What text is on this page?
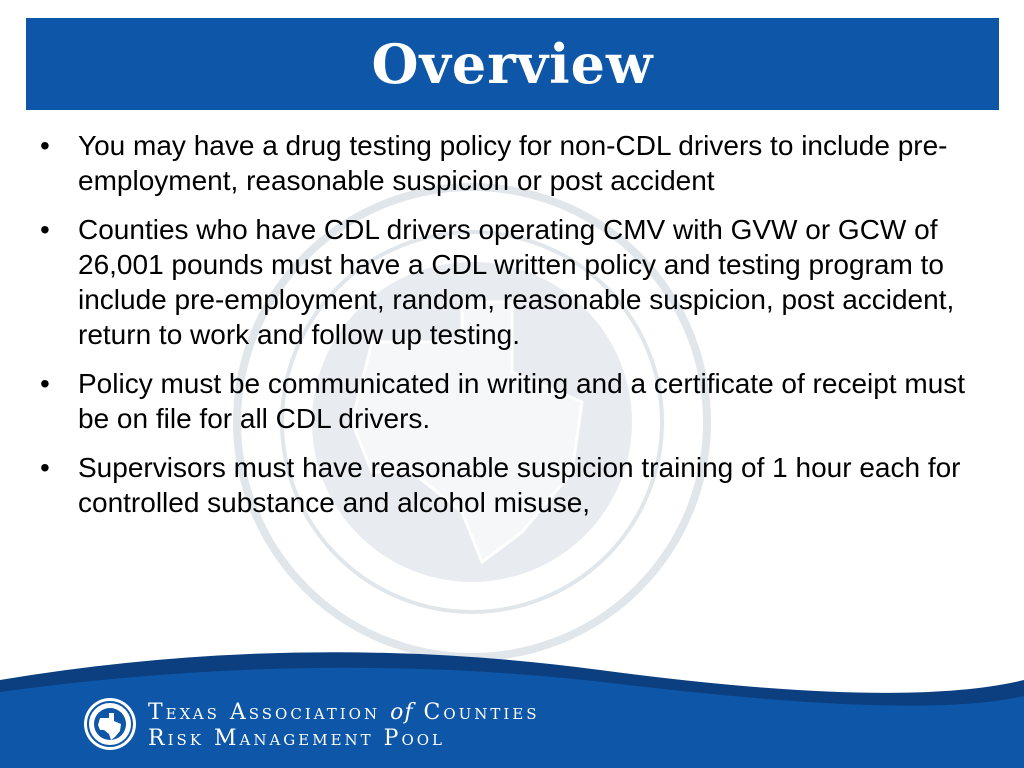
Overview
• You may have a drug testing policy for non-CDL drivers to include pre-employment, reasonable suspicion or post accident
• Counties who have CDL drivers operating CMV with GVW or GCW of 26,001 pounds must have a CDL written policy and testing program to include pre-employment, random, reasonable suspicion, post accident, return to work and follow up testing.
• Policy must be communicated in writing and a certificate of receipt must be on file for all CDL drivers.
• Supervisors must have reasonable suspicion training of 1 hour each for controlled substance and alcohol misuse,
Texas Association of Counties
Risk Management Pool
